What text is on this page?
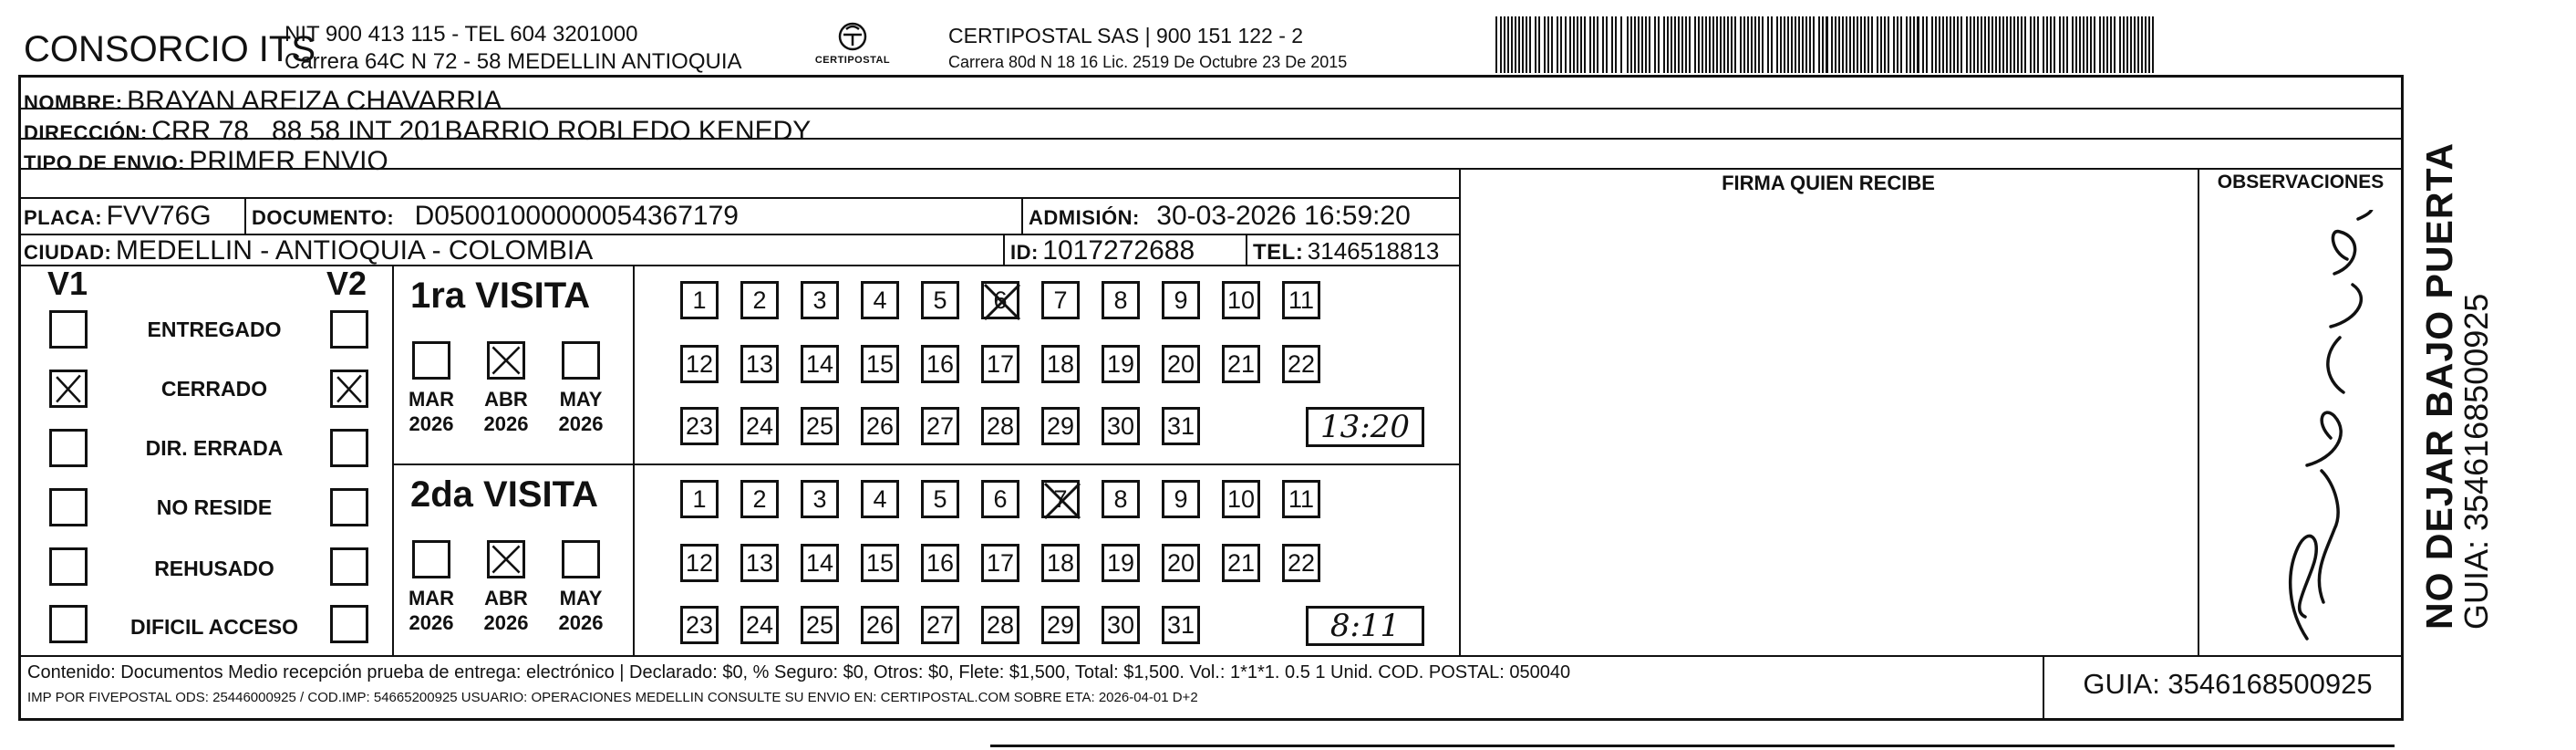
CONSORCIO ITS
NIT 900 413 115 - TEL 604 3201000
Carrera 64C N 72 - 58 MEDELLIN ANTIOQUIA	CERTIPOSTAL
CERTIPOSTAL SAS | 900 151 122 - 2
Carrera 80d N 18 16 Lic. 2519 De Octubre 23 De 2015
NOMBRE: BRAYAN AREIZA CHAVARRIA
DIRECCIÓN: CRR 78   88 58 INT 201BARRIO ROBLEDO KENEDY
TIPO DE ENVIO: PRIMER ENVIO
FIRMA QUIEN RECIBE	OBSERVACIONES
PLACA: FVV76G DOCUMENTO: D05001000000054367179	ADMISIÓN: 30-03-2026 16:59:20
CIUDAD: MEDELLIN - ANTIOQUIA - COLOMBIA	ID: 1017272688	TEL: 3146518813
V1	V2
ENTREGADO
CERRADO
DIR. ERRADA
NO RESIDE
REHUSADO
DIFICIL ACCESO
1ra VISITA
MAR
2026
ABR
2026
MAY
2026
1	2	3	4	5	6	7	8	9	10 11
12 13 14 15 16 17 18 19 20 21 22
23 24 25 26 27 28 29 30 31	13:20
2da VISITA
MAR
2026
ABR
2026
MAY
2026
1	2	3	4	5	6	7	8	9	10 11
12 13 14 15 16 17 18 19 20 21 22
23 24 25 26 27 28 29 30 31	8:11	NO DEJAR BAJO PUERTA
GUIA: 3546168500925
Contenido: Documentos Medio recepción prueba de entrega: electrónico | Declarado: $0, % Seguro: $0, Otros: $0, Flete: $1,500, Total: $1,500. Vol.: 1*1*1. 0.5 1 Unid. COD. POSTAL: 050040
IMP POR FIVEPOSTAL ODS: 25446000925 / COD.IMP: 54665200925 USUARIO: OPERACIONES MEDELLIN CONSULTE SU ENVIO EN: CERTIPOSTAL.COM SOBRE ETA: 2026-04-01 D+2	GUIA: 3546168500925
